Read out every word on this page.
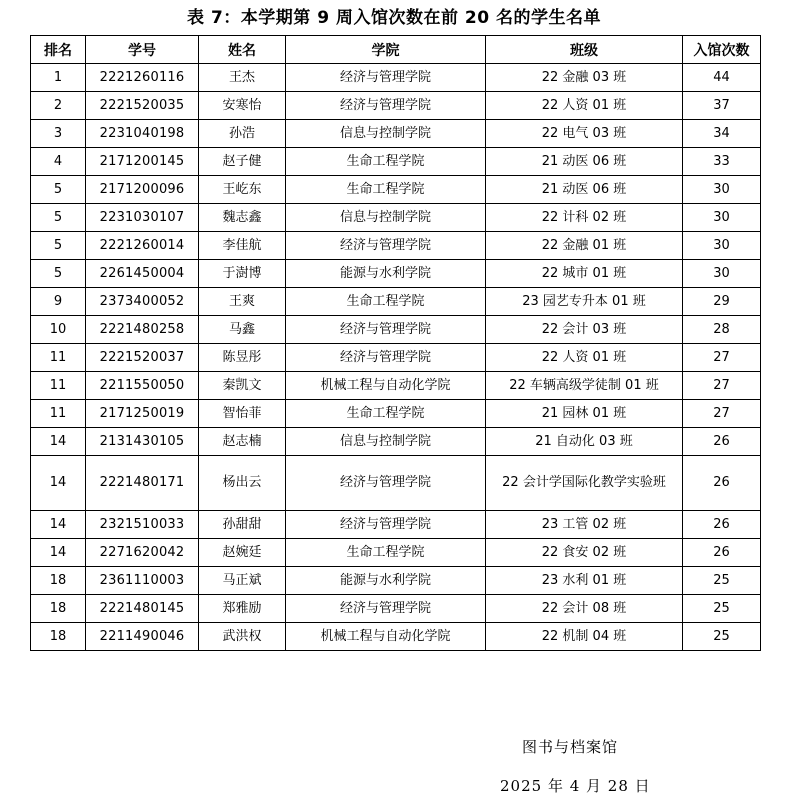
表 7：本学期第 9 周入馆次数在前 20 名的学生名单
排名	学号	姓名	学院	班级	入馆次数
1	2221260116	王杰	经济与管理学院	22 金融 03 班	44
2	2221520035	安寒怡	经济与管理学院	22 人资 01 班	37
3	2231040198	孙浩	信息与控制学院	22 电气 03 班	34
4	2171200145	赵子健	生命工程学院	21 动医 06 班	33
5	2171200096	王屹东	生命工程学院	21 动医 06 班	30
5	2231030107	魏志鑫	信息与控制学院	22 计科 02 班	30
5	2221260014	李佳航	经济与管理学院	22 金融 01 班	30
5	2261450004	于澍博	能源与水利学院	22 城市 01 班	30
9	2373400052	王爽	生命工程学院	23 园艺专升本 01 班	29
10	2221480258	马鑫	经济与管理学院	22 会计 03 班	28
11	2221520037	陈昱彤	经济与管理学院	22 人资 01 班	27
11	2211550050	秦凯文	机械工程与自动化学院	22 车辆高级学徒制 01 班	27
11	2171250019	智怡菲	生命工程学院	21 园林 01 班	27
14	2131430105	赵志楠	信息与控制学院	21 自动化 03 班	26
14	2221480171	杨出云	经济与管理学院	22 会计学国际化教学实验班	26
14	2321510033	孙甜甜	经济与管理学院	23 工管 02 班	26
14	2271620042	赵婉廷	生命工程学院	22 食安 02 班	26
18	2361110003	马正斌	能源与水利学院	23 水利 01 班	25
18	2221480145	郑雅励	经济与管理学院	22 会计 08 班	25
18	2211490046	武洪权	机械工程与自动化学院	22 机制 04 班	25
图书与档案馆
2025 年 4 月 28 日
